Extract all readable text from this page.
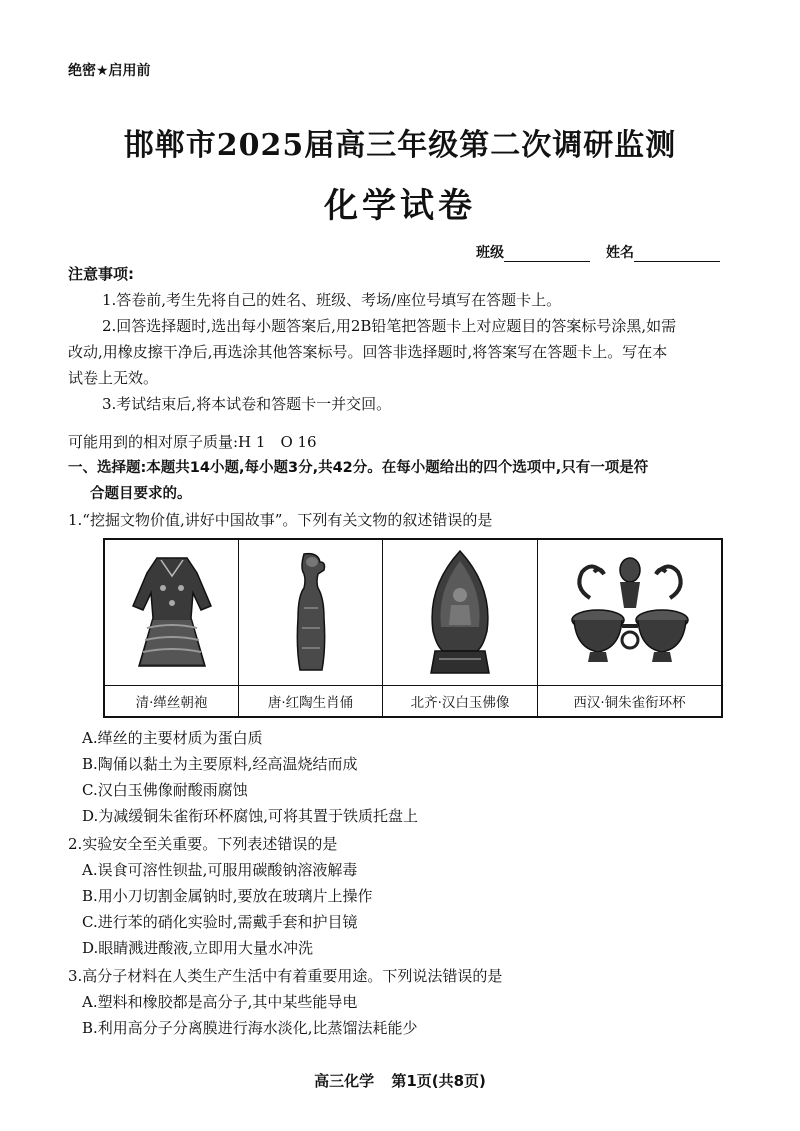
绝密★启用前
邯郸市2025届高三年级第二次调研监测
化学试卷
班级	姓名
注意事项:
1.答卷前,考生先将自己的姓名、班级、考场/座位号填写在答题卡上。
2.回答选择题时,选出每小题答案后,用2B铅笔把答题卡上对应题目的答案标号涂黑,如需
改动,用橡皮擦干净后,再选涂其他答案标号。回答非选择题时,将答案写在答题卡上。写在本
试卷上无效。
3.考试结束后,将本试卷和答题卡一并交回。
可能用到的相对原子质量:H 1　O 16
一、选择题:本题共14小题,每小题3分,共42分。在每小题给出的四个选项中,只有一项是符
合题目要求的。
1.“挖掘文物价值,讲好中国故事”。下列有关文物的叙述错误的是
清·缂丝朝袍	唐·红陶生肖俑	北齐·汉白玉佛像	西汉·铜朱雀衔环杯
A.缂丝的主要材质为蛋白质
B.陶俑以黏土为主要原料,经高温烧结而成
C.汉白玉佛像耐酸雨腐蚀
D.为减缓铜朱雀衔环杯腐蚀,可将其置于铁质托盘上
2.实验安全至关重要。下列表述错误的是
A.误食可溶性钡盐,可服用碳酸钠溶液解毒
B.用小刀切割金属钠时,要放在玻璃片上操作
C.进行苯的硝化实验时,需戴手套和护目镜
D.眼睛溅进酸液,立即用大量水冲洗
3.高分子材料在人类生产生活中有着重要用途。下列说法错误的是
A.塑料和橡胶都是高分子,其中某些能导电
B.利用高分子分离膜进行海水淡化,比蒸馏法耗能少
高三化学 第1页(共8页)
